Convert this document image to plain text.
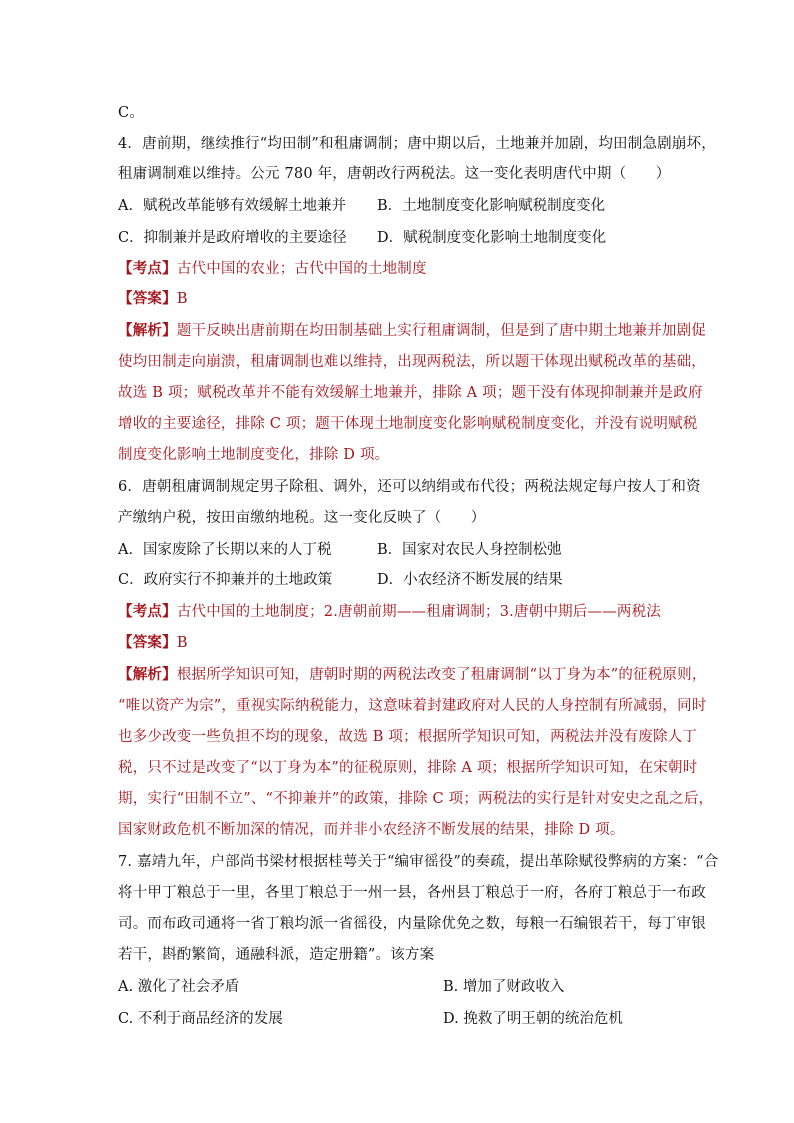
C。
4．唐前期，继续推行“均田制”和租庸调制；唐中期以后，土地兼并加剧，均田制急剧崩坏，
租庸调制难以维持。公元 780 年，唐朝改行两税法。这一变化表明唐代中期（　　）
A．赋税改革能够有效缓解土地兼并 B．土地制度变化影响赋税制度变化
C．抑制兼并是政府增收的主要途径 D．赋税制度变化影响土地制度变化
【考点】古代中国的农业；古代中国的土地制度
【答案】B
【解析】题干反映出唐前期在均田制基础上实行租庸调制，但是到了唐中期土地兼并加剧促
使均田制走向崩溃，租庸调制也难以维持，出现两税法，所以题干体现出赋税改革的基础，
故选 B 项；赋税改革并不能有效缓解土地兼并，排除 A 项；题干没有体现抑制兼并是政府
增收的主要途径，排除 C 项；题干体现土地制度变化影响赋税制度变化，并没有说明赋税
制度变化影响土地制度变化，排除 D 项。
6．唐朝租庸调制规定男子除租、调外，还可以纳绢或布代役；两税法规定每户按人丁和资
产缴纳户税，按田亩缴纳地税。这一变化反映了（　　）
A．国家废除了长期以来的人丁税	B．国家对农民人身控制松弛
C．政府实行不抑兼并的土地政策	D．小农经济不断发展的结果
【考点】古代中国的土地制度；2.唐朝前期——租庸调制；3.唐朝中期后——两税法
【答案】B
【解析】根据所学知识可知，唐朝时期的两税法改变了租庸调制“以丁身为本”的征税原则，
“唯以资产为宗”，重视实际纳税能力，这意味着封建政府对人民的人身控制有所减弱，同时
也多少改变一些负担不均的现象，故选 B 项；根据所学知识可知，两税法并没有废除人丁
税，只不过是改变了“以丁身为本”的征税原则，排除 A 项；根据所学知识可知，在宋朝时
期，实行“田制不立”、“不抑兼并”的政策，排除 C 项；两税法的实行是针对安史之乱之后，
国家财政危机不断加深的情况，而并非小农经济不断发展的结果，排除 D 项。
7. 嘉靖九年，户部尚书梁材根据桂萼关于“编审徭役”的奏疏，提出革除赋役弊病的方案：“合
将十甲丁粮总于一里，各里丁粮总于一州一县，各州县丁粮总于一府，各府丁粮总于一布政
司。而布政司通将一省丁粮均派一省徭役，内量除优免之数，每粮一石编银若干，每丁审银
若干，斟酌繁简，通融科派，造定册籍”。该方案
A. 激化了社会矛盾	B. 增加了财政收入
C. 不利于商品经济的发展	D. 挽救了明王朝的统治危机
